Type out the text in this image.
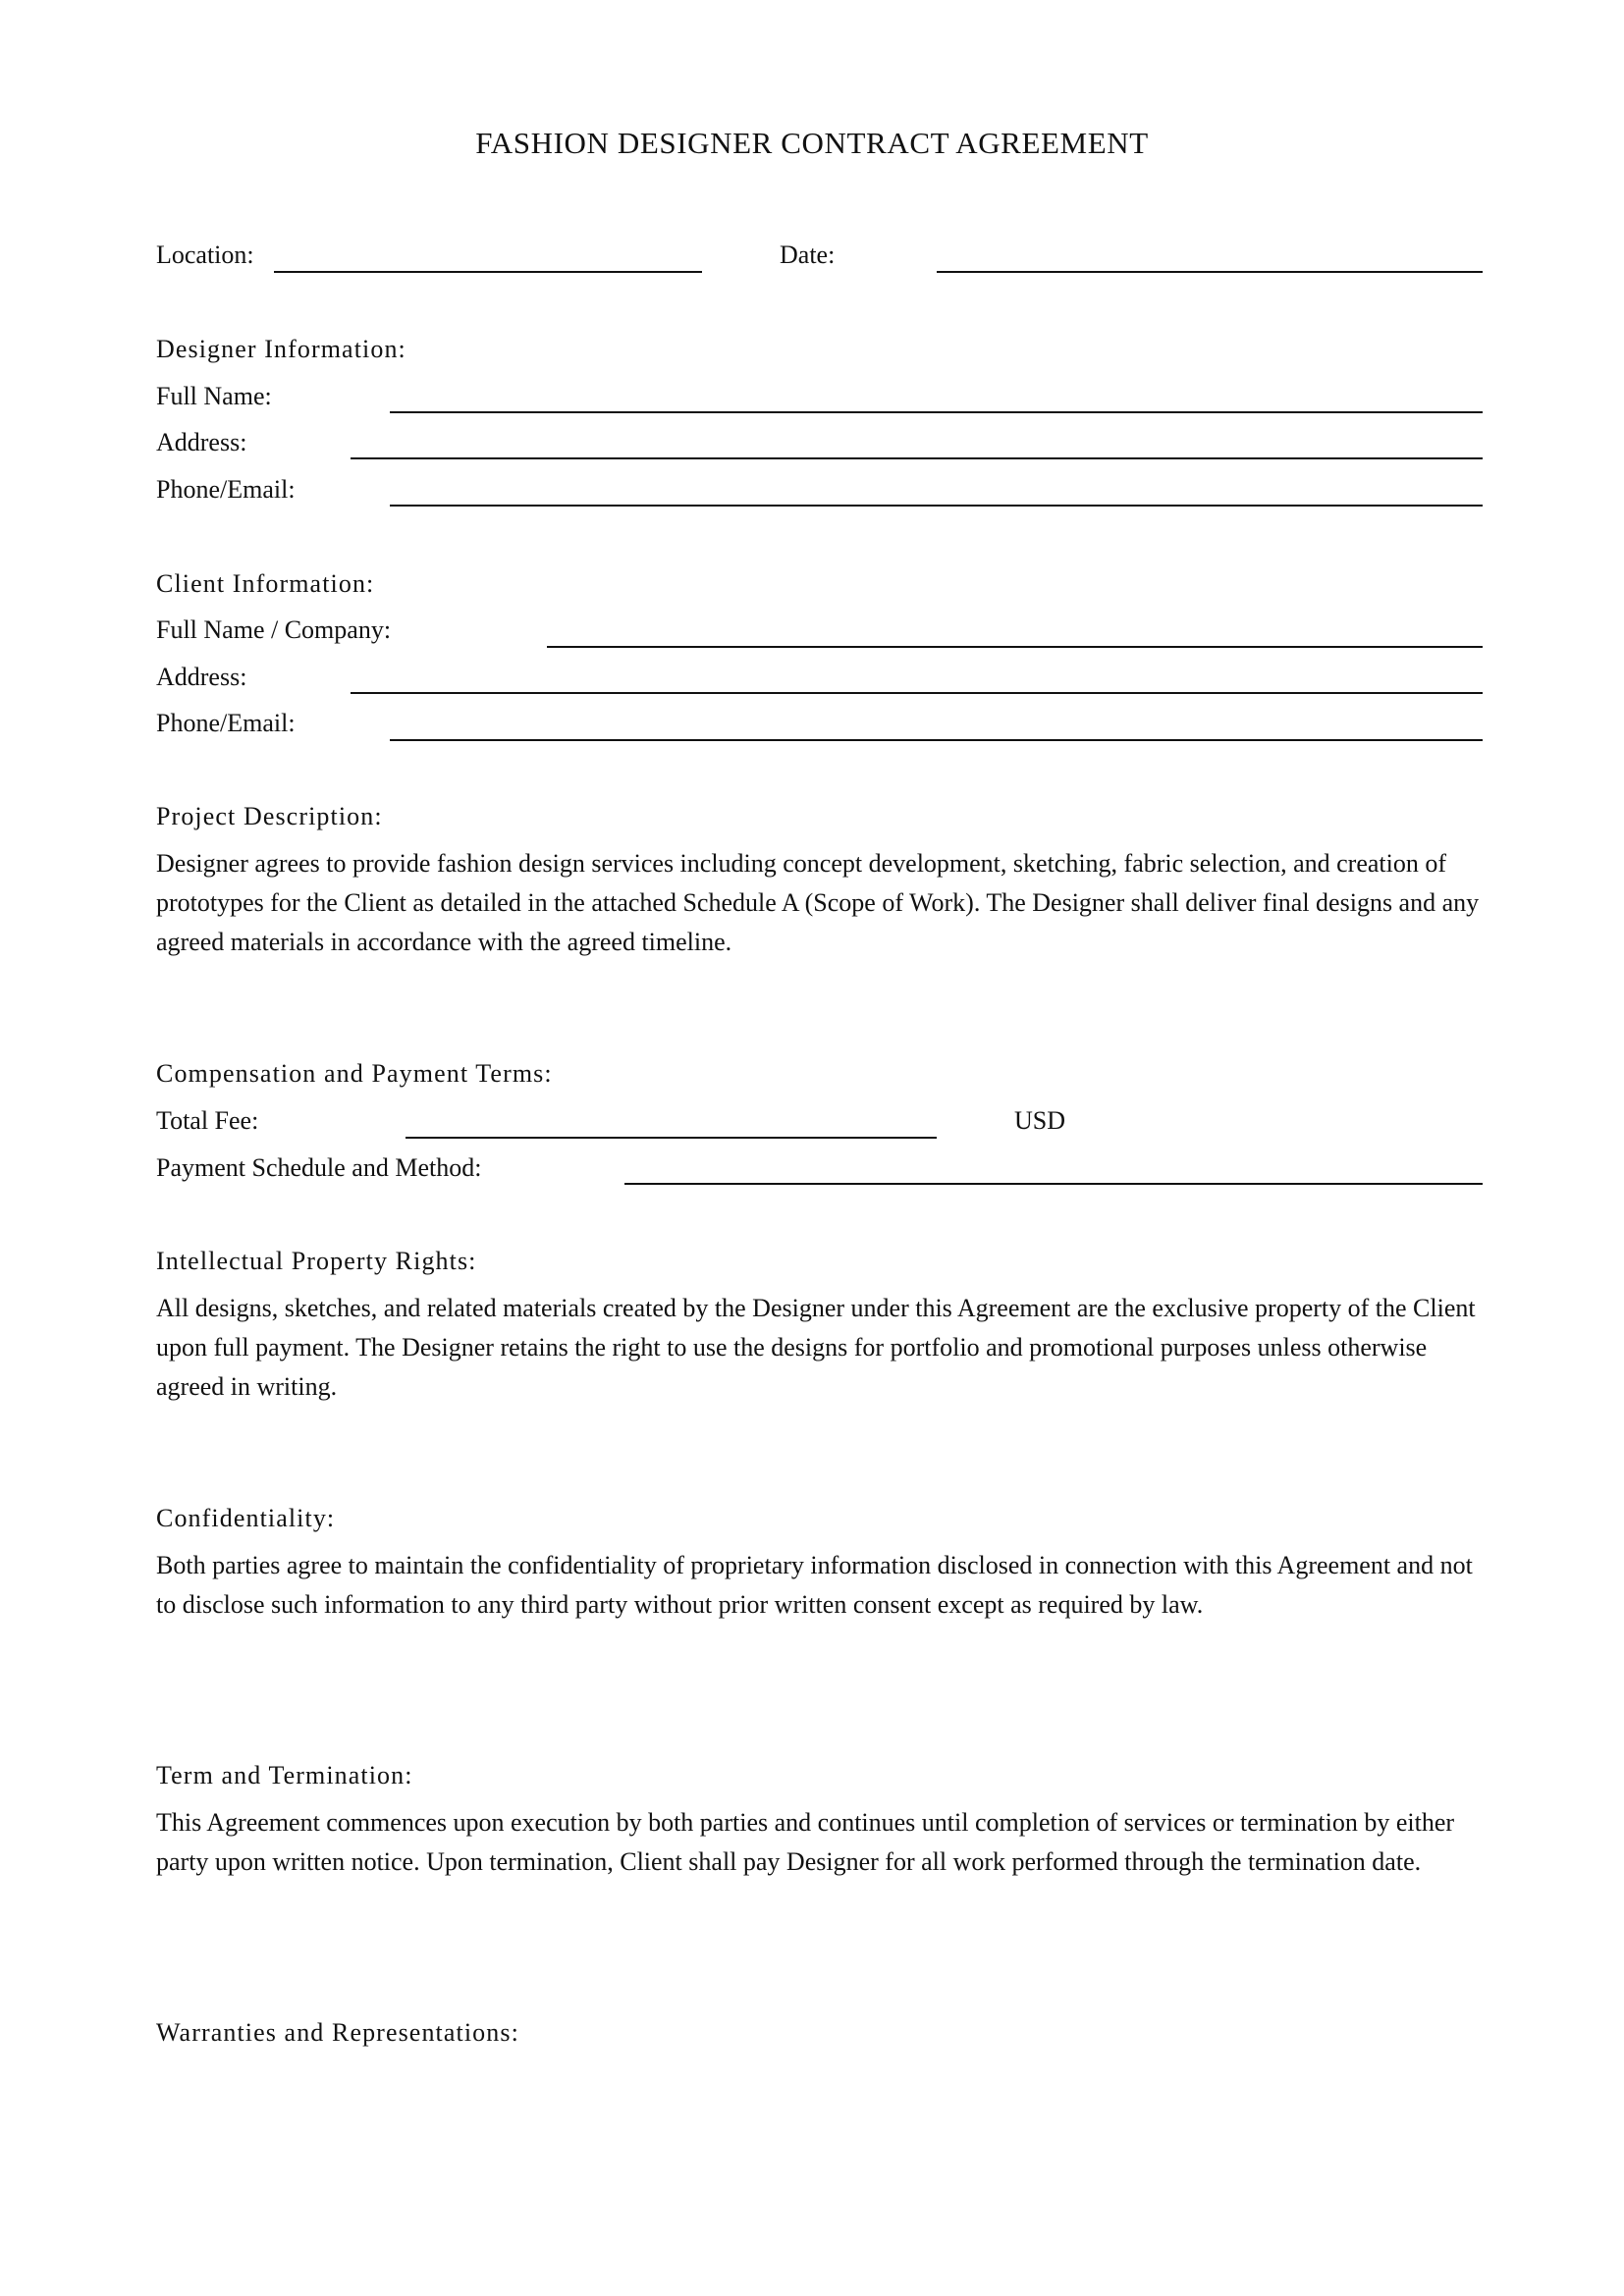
FASHION DESIGNER CONTRACT AGREEMENT
Location:	Date:
Designer Information:
Full Name:
Address:
Phone/Email:
Client Information:
Full Name / Company:
Address:
Phone/Email:
Project Description:
Designer agrees to provide fashion design services including concept development, sketching, fabric selection, and creation of prototypes for the Client as detailed in the attached Schedule A (Scope of Work). The Designer shall deliver final designs and any agreed materials in accordance with the agreed timeline.
Compensation and Payment Terms:
Total Fee:	USD
Payment Schedule and Method:
Intellectual Property Rights:
All designs, sketches, and related materials created by the Designer under this Agreement are the exclusive property of the Client upon full payment. The Designer retains the right to use the designs for portfolio and promotional purposes unless otherwise agreed in writing.
Confidentiality:
Both parties agree to maintain the confidentiality of proprietary information disclosed in connection with this Agreement and not to disclose such information to any third party without prior written consent except as required by law.
Term and Termination:
This Agreement commences upon execution by both parties and continues until completion of services or termination by either party upon written notice. Upon termination, Client shall pay Designer for all work performed through the termination date.
Warranties and Representations:
